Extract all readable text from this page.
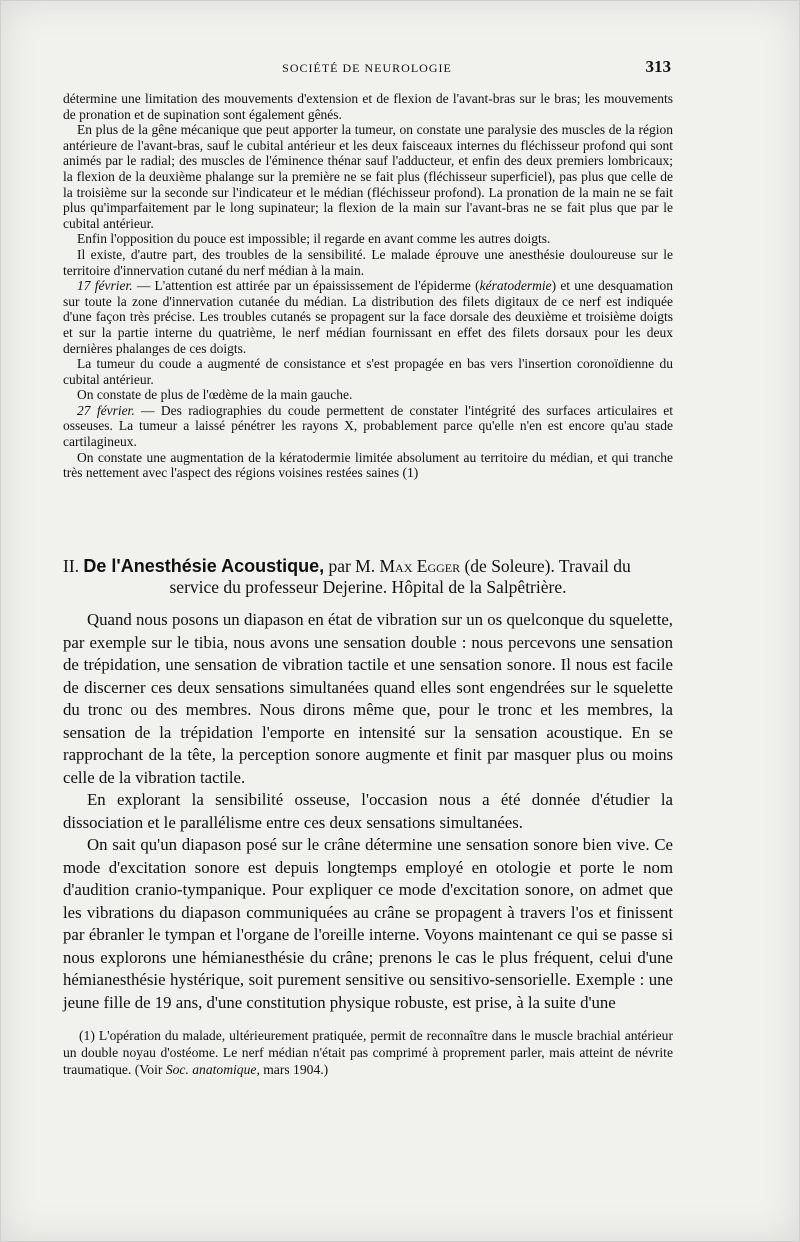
SOCIÉTÉ DE NEUROLOGIE	313

détermine une limitation des mouvements d'extension et de flexion de l'avant-bras sur le bras; les mouvements de pronation et de supination sont également gênés.

En plus de la gêne mécanique que peut apporter la tumeur, on constate une paralysie des muscles de la région antérieure de l'avant-bras, sauf le cubital antérieur et les deux faisceaux internes du fléchisseur profond qui sont animés par le radial; des muscles de l'éminence thénar sauf l'adducteur, et enfin des deux premiers lombricaux; la flexion de la deuxième phalange sur la première ne se fait plus (fléchisseur superficiel), pas plus que celle de la troisième sur la seconde sur l'indicateur et le médian (fléchisseur profond). La pronation de la main ne se fait plus qu'imparfaitement par le long supinateur; la flexion de la main sur l'avant-bras ne se fait plus que par le cubital antérieur.

Enfin l'opposition du pouce est impossible; il regarde en avant comme les autres doigts.

Il existe, d'autre part, des troubles de la sensibilité. Le malade éprouve une anesthésie douloureuse sur le territoire d'innervation cutané du nerf médian à la main.

17 février. — L'attention est attirée par un épaississement de l'épiderme (kératodermie) et une desquamation sur toute la zone d'innervation cutanée du médian. La distribution des filets digitaux de ce nerf est indiquée d'une façon très précise. Les troubles cutanés se propagent sur la face dorsale des deuxième et troisième doigts et sur la partie interne du quatrième, le nerf médian fournissant en effet des filets dorsaux pour les deux dernières phalanges de ces doigts.

La tumeur du coude a augmenté de consistance et s'est propagée en bas vers l'insertion coronoïdienne du cubital antérieur.

On constate de plus de l'œdème de la main gauche.

27 février. — Des radiographies du coude permettent de constater l'intégrité des surfaces articulaires et osseuses. La tumeur a laissé pénétrer les rayons X, probablement parce qu'elle n'en est encore qu'au stade cartilagineux.

On constate une augmentation de la kératodermie limitée absolument au territoire du médian, et qui tranche très nettement avec l'aspect des régions voisines restées saines (1)

II. De l'Anesthésie Acoustique, par M. Max Egger (de Soleure). Travail du
service du professeur Dejerine. Hôpital de la Salpêtrière.

Quand nous posons un diapason en état de vibration sur un os quelconque du squelette, par exemple sur le tibia, nous avons une sensation double : nous percevons une sensation de trépidation, une sensation de vibration tactile et une sensation sonore. Il nous est facile de discerner ces deux sensations simultanées quand elles sont engendrées sur le squelette du tronc ou des membres. Nous dirons même que, pour le tronc et les membres, la sensation de la trépidation l'emporte en intensité sur la sensation acoustique. En se rapprochant de la tête, la perception sonore augmente et finit par masquer plus ou moins celle de la vibration tactile.

En explorant la sensibilité osseuse, l'occasion nous a été donnée d'étudier la dissociation et le parallélisme entre ces deux sensations simultanées.

On sait qu'un diapason posé sur le crâne détermine une sensation sonore bien vive. Ce mode d'excitation sonore est depuis longtemps employé en otologie et porte le nom d'audition cranio-tympanique. Pour expliquer ce mode d'excitation sonore, on admet que les vibrations du diapason communiquées au crâne se propagent à travers l'os et finissent par ébranler le tympan et l'organe de l'oreille interne. Voyons maintenant ce qui se passe si nous explorons une hémianesthésie du crâne; prenons le cas le plus fréquent, celui d'une hémianesthésie hystérique, soit purement sensitive ou sensitivo-sensorielle. Exemple : une jeune fille de 19 ans, d'une constitution physique robuste, est prise, à la suite d'une

(1) L'opération du malade, ultérieurement pratiquée, permit de reconnaître dans le muscle brachial antérieur un double noyau d'ostéome. Le nerf médian n'était pas comprimé à proprement parler, mais atteint de névrite traumatique. (Voir Soc. anatomique, mars 1904.)
